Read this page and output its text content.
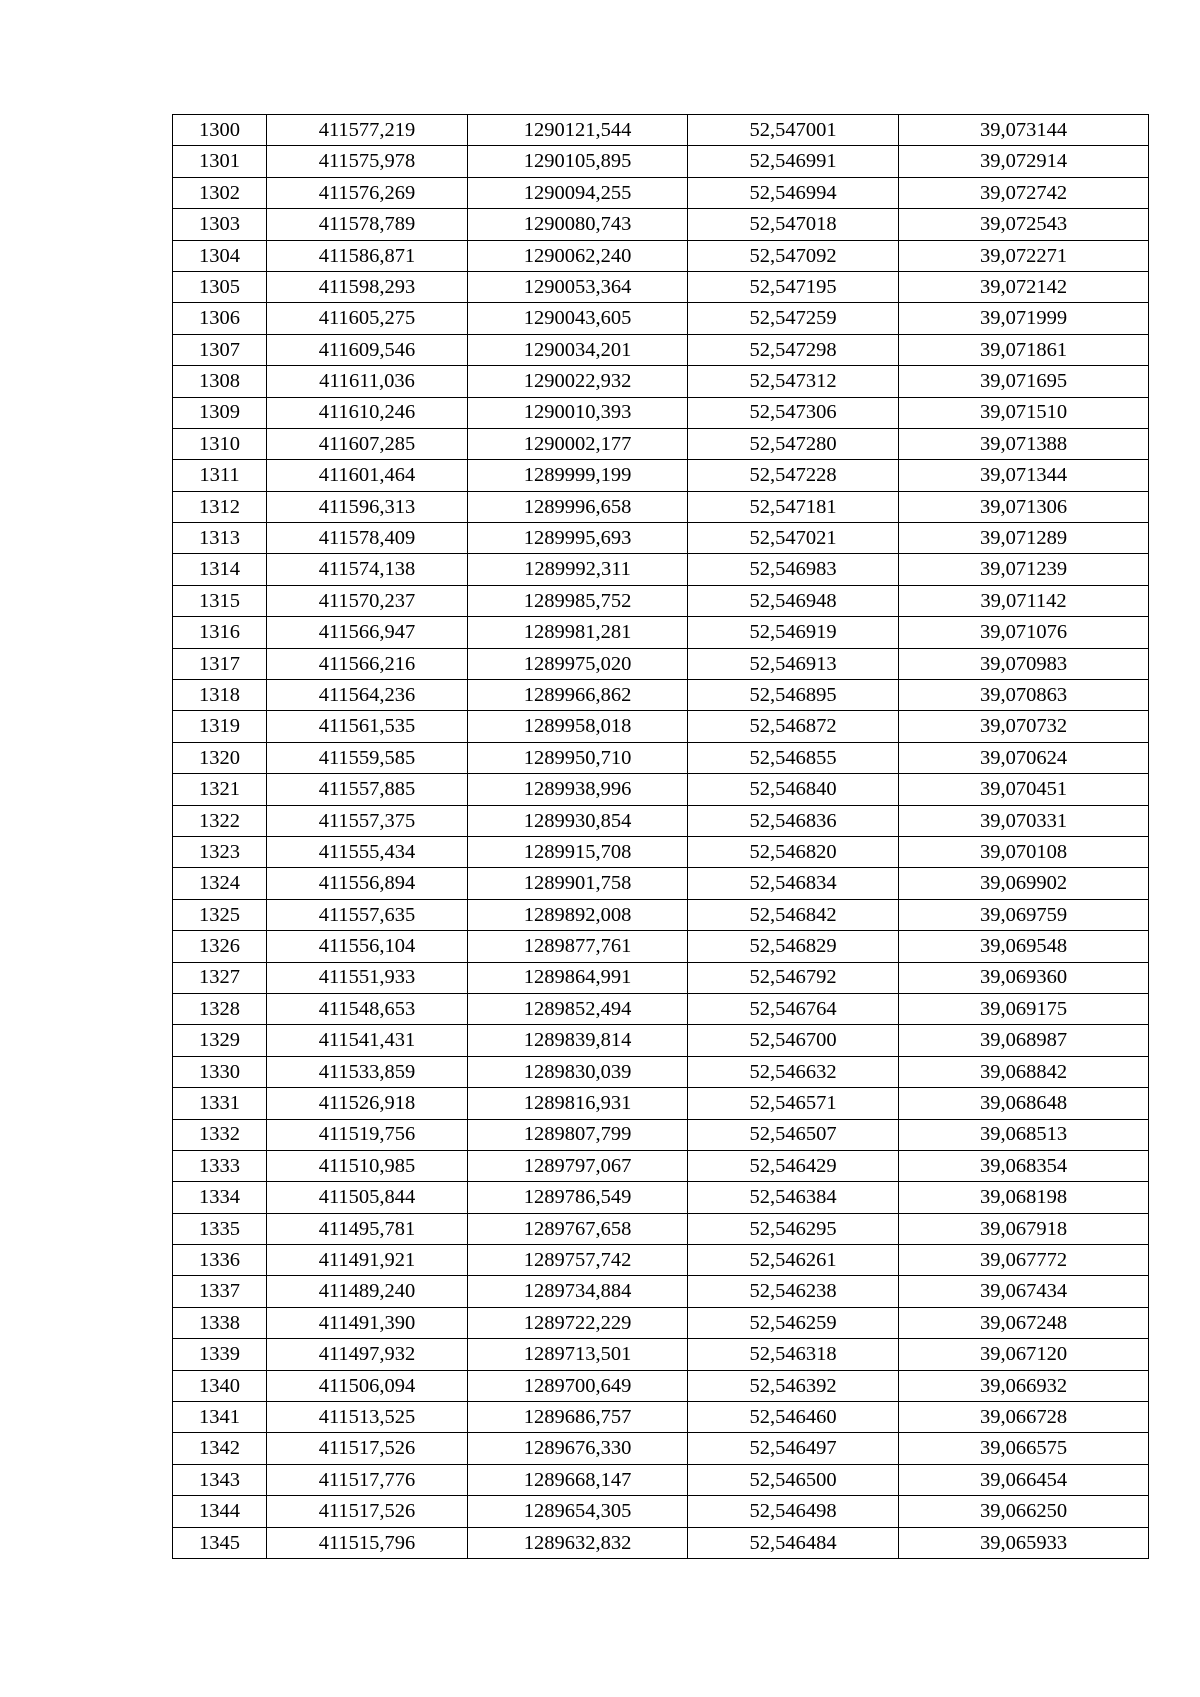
1300	411577,219	1290121,544	52,547001	39,073144
1301	411575,978	1290105,895	52,546991	39,072914
1302	411576,269	1290094,255	52,546994	39,072742
1303	411578,789	1290080,743	52,547018	39,072543
1304	411586,871	1290062,240	52,547092	39,072271
1305	411598,293	1290053,364	52,547195	39,072142
1306	411605,275	1290043,605	52,547259	39,071999
1307	411609,546	1290034,201	52,547298	39,071861
1308	411611,036	1290022,932	52,547312	39,071695
1309	411610,246	1290010,393	52,547306	39,071510
1310	411607,285	1290002,177	52,547280	39,071388
1311	411601,464	1289999,199	52,547228	39,071344
1312	411596,313	1289996,658	52,547181	39,071306
1313	411578,409	1289995,693	52,547021	39,071289
1314	411574,138	1289992,311	52,546983	39,071239
1315	411570,237	1289985,752	52,546948	39,071142
1316	411566,947	1289981,281	52,546919	39,071076
1317	411566,216	1289975,020	52,546913	39,070983
1318	411564,236	1289966,862	52,546895	39,070863
1319	411561,535	1289958,018	52,546872	39,070732
1320	411559,585	1289950,710	52,546855	39,070624
1321	411557,885	1289938,996	52,546840	39,070451
1322	411557,375	1289930,854	52,546836	39,070331
1323	411555,434	1289915,708	52,546820	39,070108
1324	411556,894	1289901,758	52,546834	39,069902
1325	411557,635	1289892,008	52,546842	39,069759
1326	411556,104	1289877,761	52,546829	39,069548
1327	411551,933	1289864,991	52,546792	39,069360
1328	411548,653	1289852,494	52,546764	39,069175
1329	411541,431	1289839,814	52,546700	39,068987
1330	411533,859	1289830,039	52,546632	39,068842
1331	411526,918	1289816,931	52,546571	39,068648
1332	411519,756	1289807,799	52,546507	39,068513
1333	411510,985	1289797,067	52,546429	39,068354
1334	411505,844	1289786,549	52,546384	39,068198
1335	411495,781	1289767,658	52,546295	39,067918
1336	411491,921	1289757,742	52,546261	39,067772
1337	411489,240	1289734,884	52,546238	39,067434
1338	411491,390	1289722,229	52,546259	39,067248
1339	411497,932	1289713,501	52,546318	39,067120
1340	411506,094	1289700,649	52,546392	39,066932
1341	411513,525	1289686,757	52,546460	39,066728
1342	411517,526	1289676,330	52,546497	39,066575
1343	411517,776	1289668,147	52,546500	39,066454
1344	411517,526	1289654,305	52,546498	39,066250
1345	411515,796	1289632,832	52,546484	39,065933
